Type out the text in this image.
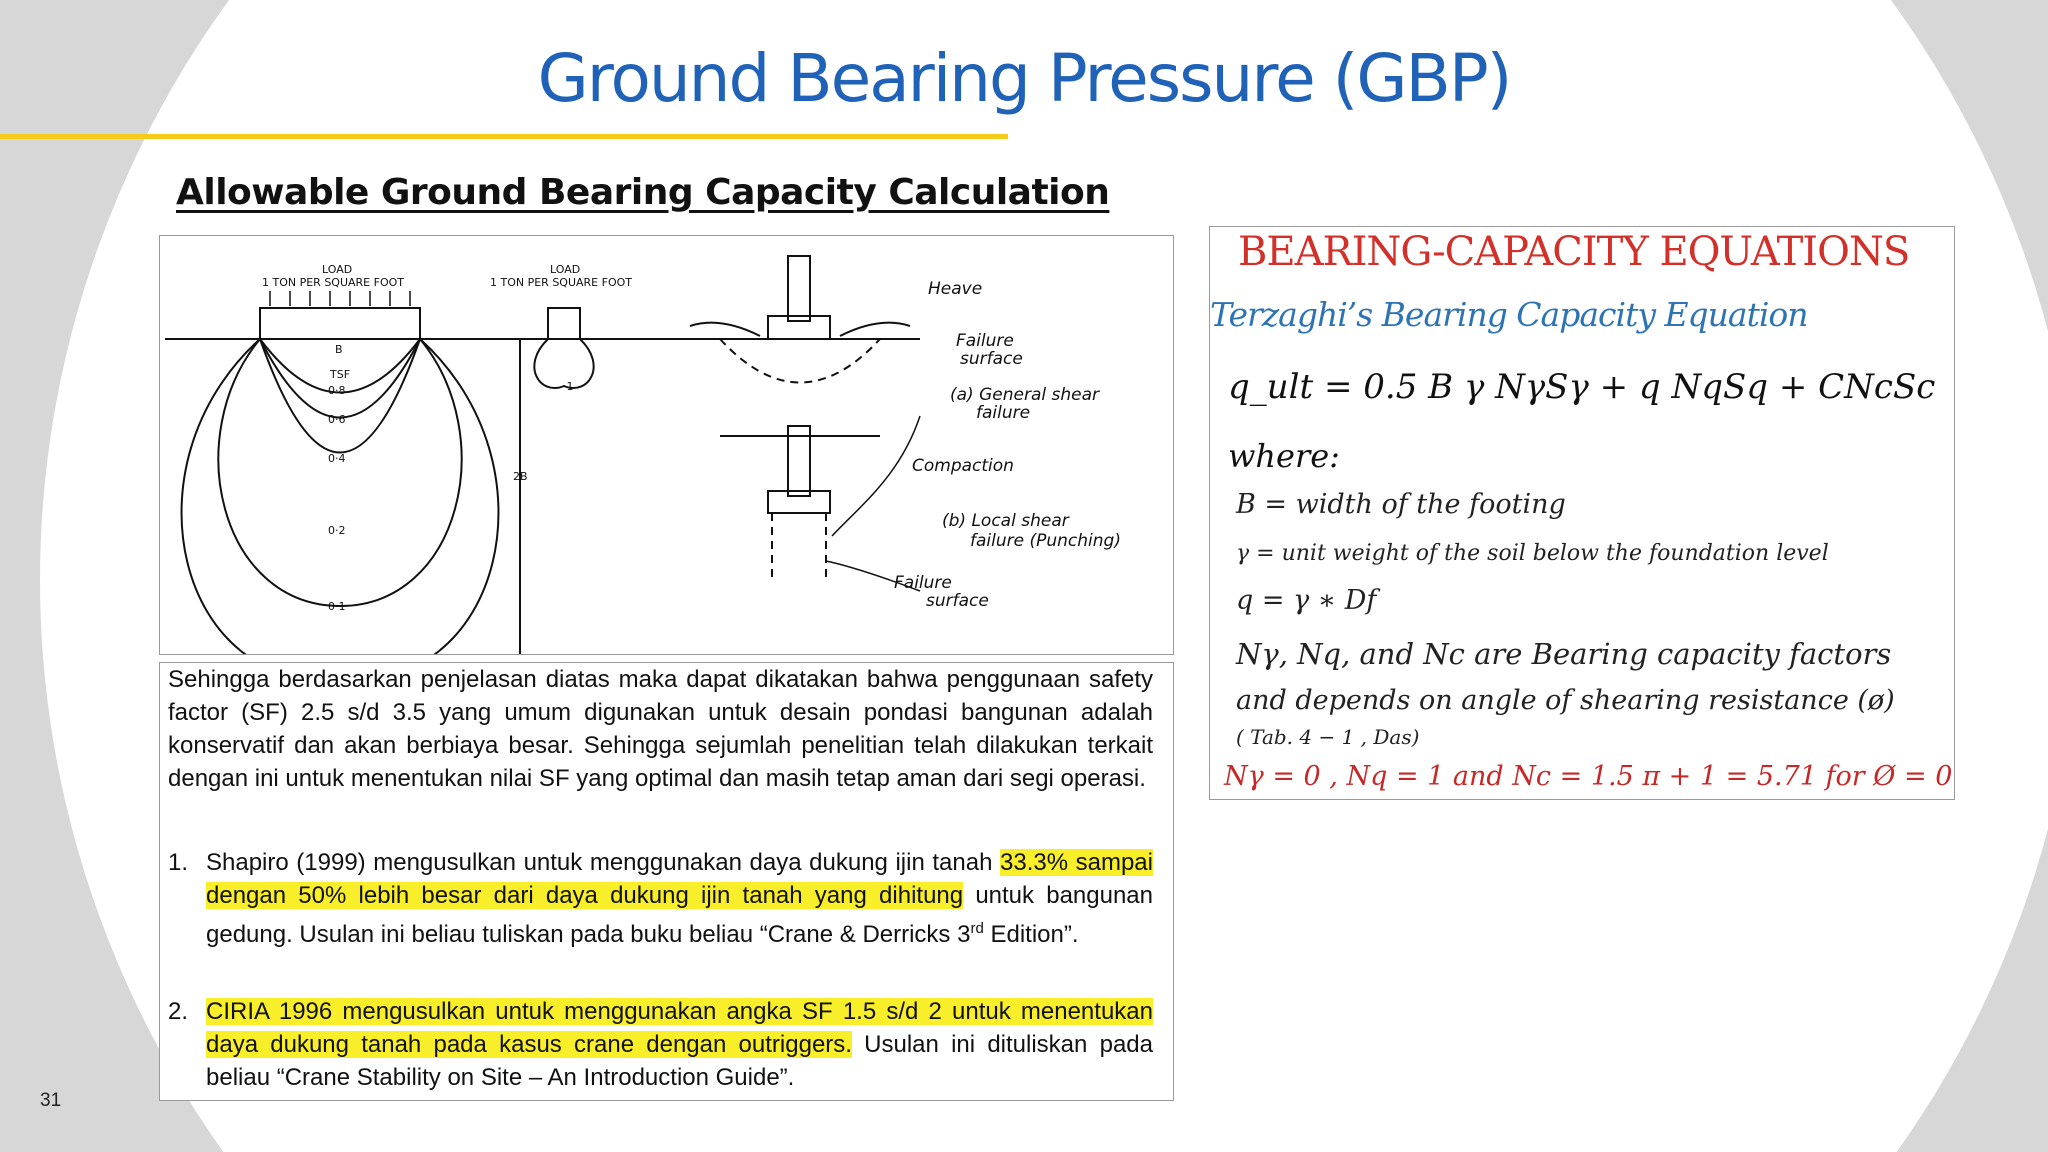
Ground Bearing Pressure (GBP)
Allowable Ground Bearing Capacity Calculation
LOAD
1 TON PER SQUARE FOOT
LOAD
1 TON PER SQUARE FOOT
B
TSF
0·8
0·6
0·4
0·2
0·1
·1
2B
Heave
Failure
surface
(a) General shear
failure
Compaction
(b) Local shear
failure (Punching)
Failure
surface
Sehingga berdasarkan penjelasan diatas maka dapat dikatakan bahwa penggunaan safety factor (SF) 2.5 s/d 3.5 yang umum digunakan untuk desain pondasi bangunan adalah konservatif dan akan berbiaya besar. Sehingga sejumlah penelitian telah dilakukan terkait dengan ini untuk menentukan nilai SF yang optimal dan masih tetap aman dari segi operasi.
1. Shapiro (1999) mengusulkan untuk menggunakan daya dukung ijin tanah 33.3% sampai dengan 50% lebih besar dari daya dukung ijin tanah yang dihitung untuk bangunan gedung. Usulan ini beliau tuliskan pada buku beliau “Crane & Derricks 3rd Edition”.
2. CIRIA 1996 mengusulkan untuk menggunakan angka SF 1.5 s/d 2 untuk menentukan daya dukung tanah pada kasus crane dengan outriggers. Usulan ini dituliskan pada beliau “Crane Stability on Site – An Introduction Guide”.
BEARING-CAPACITY EQUATIONS
Terzaghi’s Bearing Capacity Equation
q_ult = 0.5 B γ NγSγ + q NqSq + CNcSc
where:
B = width of the footing
γ = unit weight of the soil below the foundation level
q = γ ∗ Df
Nγ, Nq, and Nc are Bearing capacity factors
and depends on angle of shearing resistance (ø)
( Tab. 4 − 1 , Das)
Nγ = 0 , Nq = 1 and Nc = 1.5 π + 1 = 5.71 for Ø = 0
31
